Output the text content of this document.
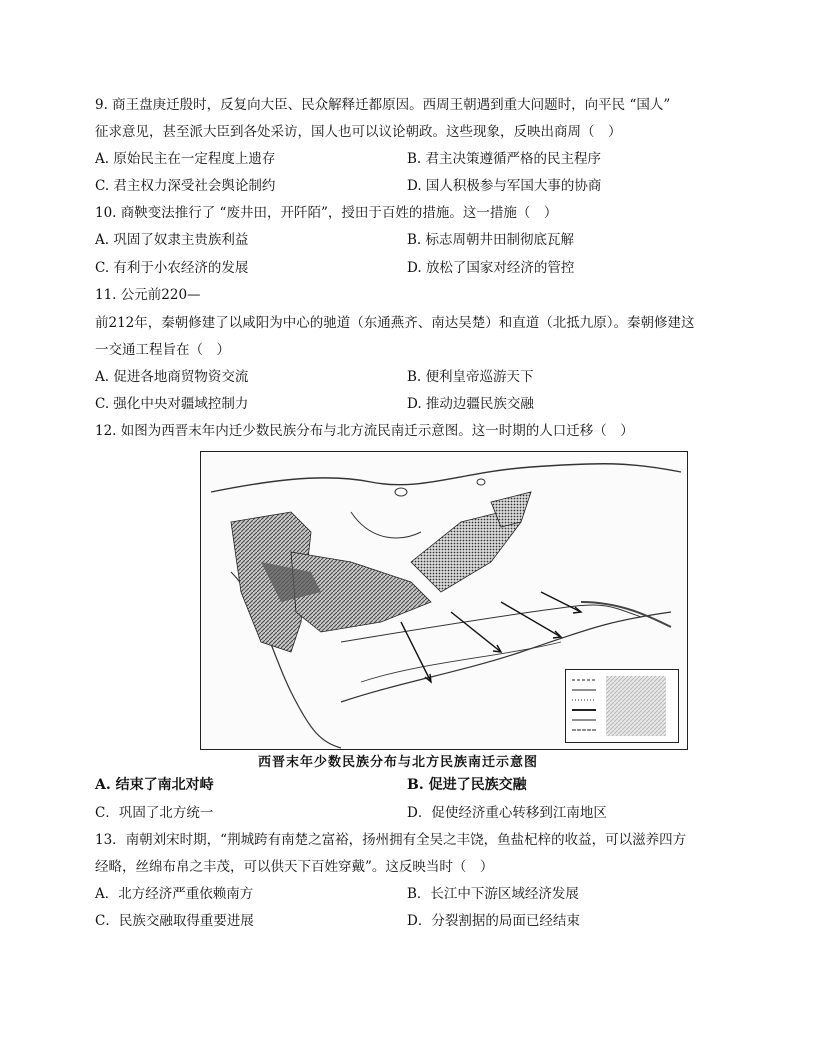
9. 商王盘庚迁殷时，反复向大臣、民众解释迁都原因。西周王朝遇到重大问题时，向平民 “国人”
征求意见，甚至派大臣到各处采访，国人也可以议论朝政。这些现象，反映出商周（　）
A. 原始民主在一定程度上遗存	B. 君主决策遵循严格的民主程序
C. 君主权力深受社会舆论制约	D. 国人积极参与军国大事的协商
10. 商鞅变法推行了 “废井田，开阡陌”，授田于百姓的措施。这一措施（　）
A. 巩固了奴隶主贵族利益	B. 标志周朝井田制彻底瓦解
C. 有利于小农经济的发展	D. 放松了国家对经济的管控
11. 公元前220—
前212年，秦朝修建了以咸阳为中心的驰道（东通燕齐、南达吴楚）和直道（北抵九原）。秦朝修建这
一交通工程旨在（　）
A. 促进各地商贸物资交流	B. 便利皇帝巡游天下
C. 强化中央对疆域控制力	D. 推动边疆民族交融
12. 如图为西晋末年内迁少数民族分布与北方流民南迁示意图。这一时期的人口迁移（　）
西晋末年少数民族分布与北方民族南迁示意图
A. 结束了南北对峙	B. 促进了民族交融
C．巩固了北方统一	D．促使经济重心转移到江南地区
13．南朝刘宋时期，“荆城跨有南楚之富裕，扬州拥有全吴之丰饶，鱼盐杞梓的收益，可以滋养四方
经略，丝绵布帛之丰茂，可以供天下百姓穿戴”。这反映当时（　）
A．北方经济严重依赖南方	B．长江中下游区域经济发展
C．民族交融取得重要进展	D．分裂割据的局面已经结束
